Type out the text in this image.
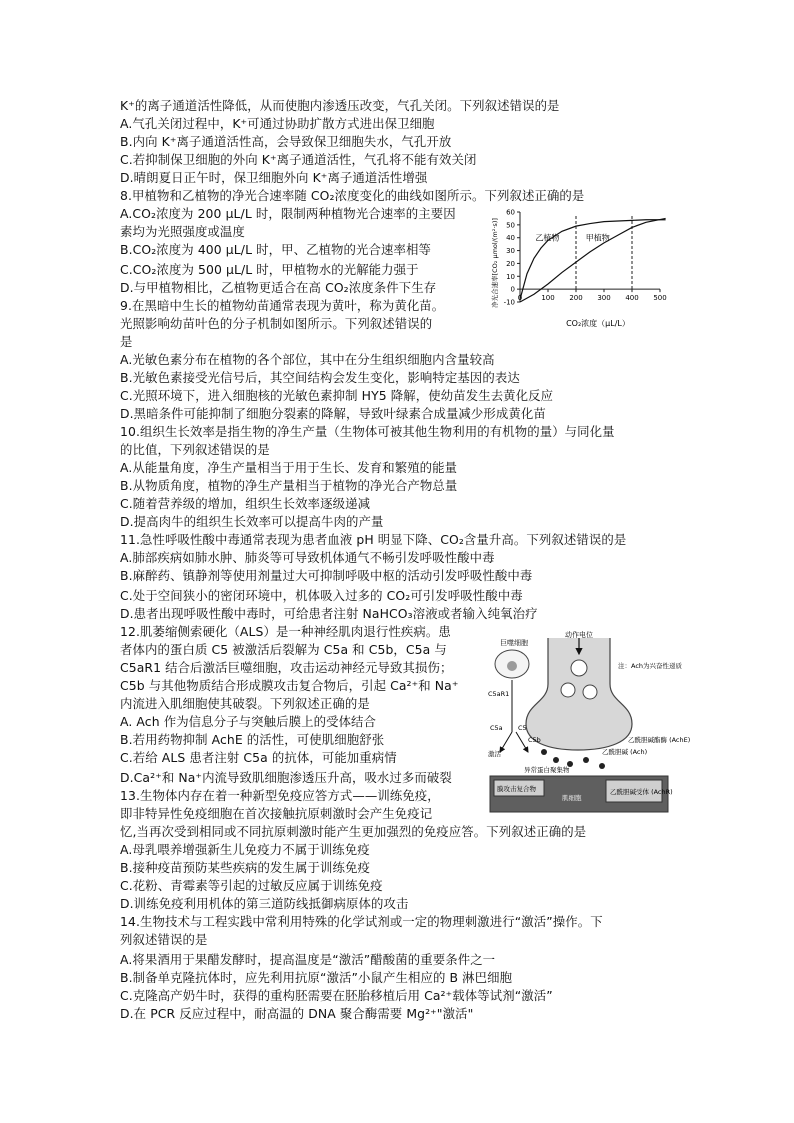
K⁺的离子通道活性降低，从而使胞内渗透压改变，气孔关闭。下列叙述错误的是
A.气孔关闭过程中，K⁺可通过协助扩散方式进出保卫细胞
B.内向 K⁺离子通道活性高，会导致保卫细胞失水，气孔开放
C.若抑制保卫细胞的外向 K⁺离子通道活性，气孔将不能有效关闭
D.晴朗夏日正午时，保卫细胞外向 K⁺离子通道活性增强
8.甲植物和乙植物的净光合速率随 CO₂浓度变化的曲线如图所示。下列叙述正确的是
A.CO₂浓度为 200 μL/L 时，限制两种植物光合速率的主要因
素均为光照强度或温度
B.CO₂浓度为 400 μL/L 时，甲、乙植物的光合速率相等
C.CO₂浓度为 500 μL/L 时，甲植物水的光解能力强于
D.与甲植物相比，乙植物更适合在高 CO₂浓度条件下生存
9.在黑暗中生长的植物幼苗通常表现为黄叶，称为黄化苗。
光照影响幼苗叶色的分子机制如图所示。下列叙述错误的
是
A.光敏色素分布在植物的各个部位，其中在分生组织细胞内含量较高
B.光敏色素接受光信号后，其空间结构会发生变化，影响特定基因的表达
C.光照环境下，进入细胞核的光敏色素抑制 HY5 降解，使幼苗发生去黄化反应
D.黑暗条件可能抑制了细胞分裂素的降解，导致叶绿素合成量减少形成黄化苗
10.组织生长效率是指生物的净生产量（生物体可被其他生物利用的有机物的量）与同化量
的比值，下列叙述错误的是
A.从能量角度，净生产量相当于用于生长、发育和繁殖的能量
B.从物质角度，植物的净生产量相当于植物的净光合产物总量
C.随着营养级的增加，组织生长效率逐级递减
D.提高肉牛的组织生长效率可以提高牛肉的产量
11.急性呼吸性酸中毒通常表现为患者血液 pH 明显下降、CO₂含量升高。下列叙述错误的是
A.肺部疾病如肺水肿、肺炎等可导致机体通气不畅引发呼吸性酸中毒
B.麻醉药、镇静剂等使用剂量过大可抑制呼吸中枢的活动引发呼吸性酸中毒
C.处于空间狭小的密闭环境中，机体吸入过多的 CO₂可引发呼吸性酸中毒
D.患者出现呼吸性酸中毒时，可给患者注射 NaHCO₃溶液或者输入纯氧治疗
12.肌萎缩侧索硬化（ALS）是一种神经肌肉退行性疾病。患
者体内的蛋白质 C5 被激活后裂解为 C5a 和 C5b，C5a 与
C5aR1 结合后激活巨噬细胞，攻击运动神经元导致其损伤；
C5b 与其他物质结合形成膜攻击复合物后，引起 Ca²⁺和 Na⁺
内流进入肌细胞使其破裂。下列叙述正确的是
A. Ach 作为信息分子与突触后膜上的受体结合
B.若用药物抑制 AchE 的活性，可使肌细胞舒张
C.若给 ALS 患者注射 C5a 的抗体，可能加重病情
D.Ca²⁺和 Na⁺内流导致肌细胞渗透压升高，吸水过多而破裂
13.生物体内存在着一种新型免疫应答方式——训练免疫，
即非特异性免疫细胞在首次接触抗原刺激时会产生免疫记
忆,当再次受到相同或不同抗原刺激时能产生更加强烈的免疫应答。下列叙述正确的是
A.母乳喂养增强新生儿免疫力不属于训练免疫
B.接种疫苗预防某些疾病的发生属于训练免疫
C.花粉、青霉素等引起的过敏反应属于训练免疫
D.训练免疫利用机体的第三道防线抵御病原体的攻击
14.生物技术与工程实践中常利用特殊的化学试剂或一定的物理刺激进行“激活”操作。下
列叙述错误的是
A.将果酒用于果醋发酵时，提高温度是“激活”醋酸菌的重要条件之一
B.制备单克隆抗体时，应先利用抗原“激活”小鼠产生相应的 B 淋巴细胞
C.克隆高产奶牛时，获得的重构胚需要在胚胎移植后用 Ca²⁺载体等试剂“激活”
D.在 PCR 反应过程中，耐高温的 DNA 聚合酶需要 Mg²⁺"激活"
-10
0
10
20
30
40
50
60
0	100 200 300 400 500
乙植物	甲植物
CO₂浓度（μL/L）
净光合速率[CO₂ μmol/(m²·s)]
动作电位
注：Ach为兴奋性递质
巨噬细胞
C5aR1
C5a C5
C5b
激活
异常蛋白聚集物
乙酰胆碱 (Ach)
乙酰胆碱酯酶 (AchE)
乙酰胆碱受体 (AchR)
膜攻击复合物
肌细胞
